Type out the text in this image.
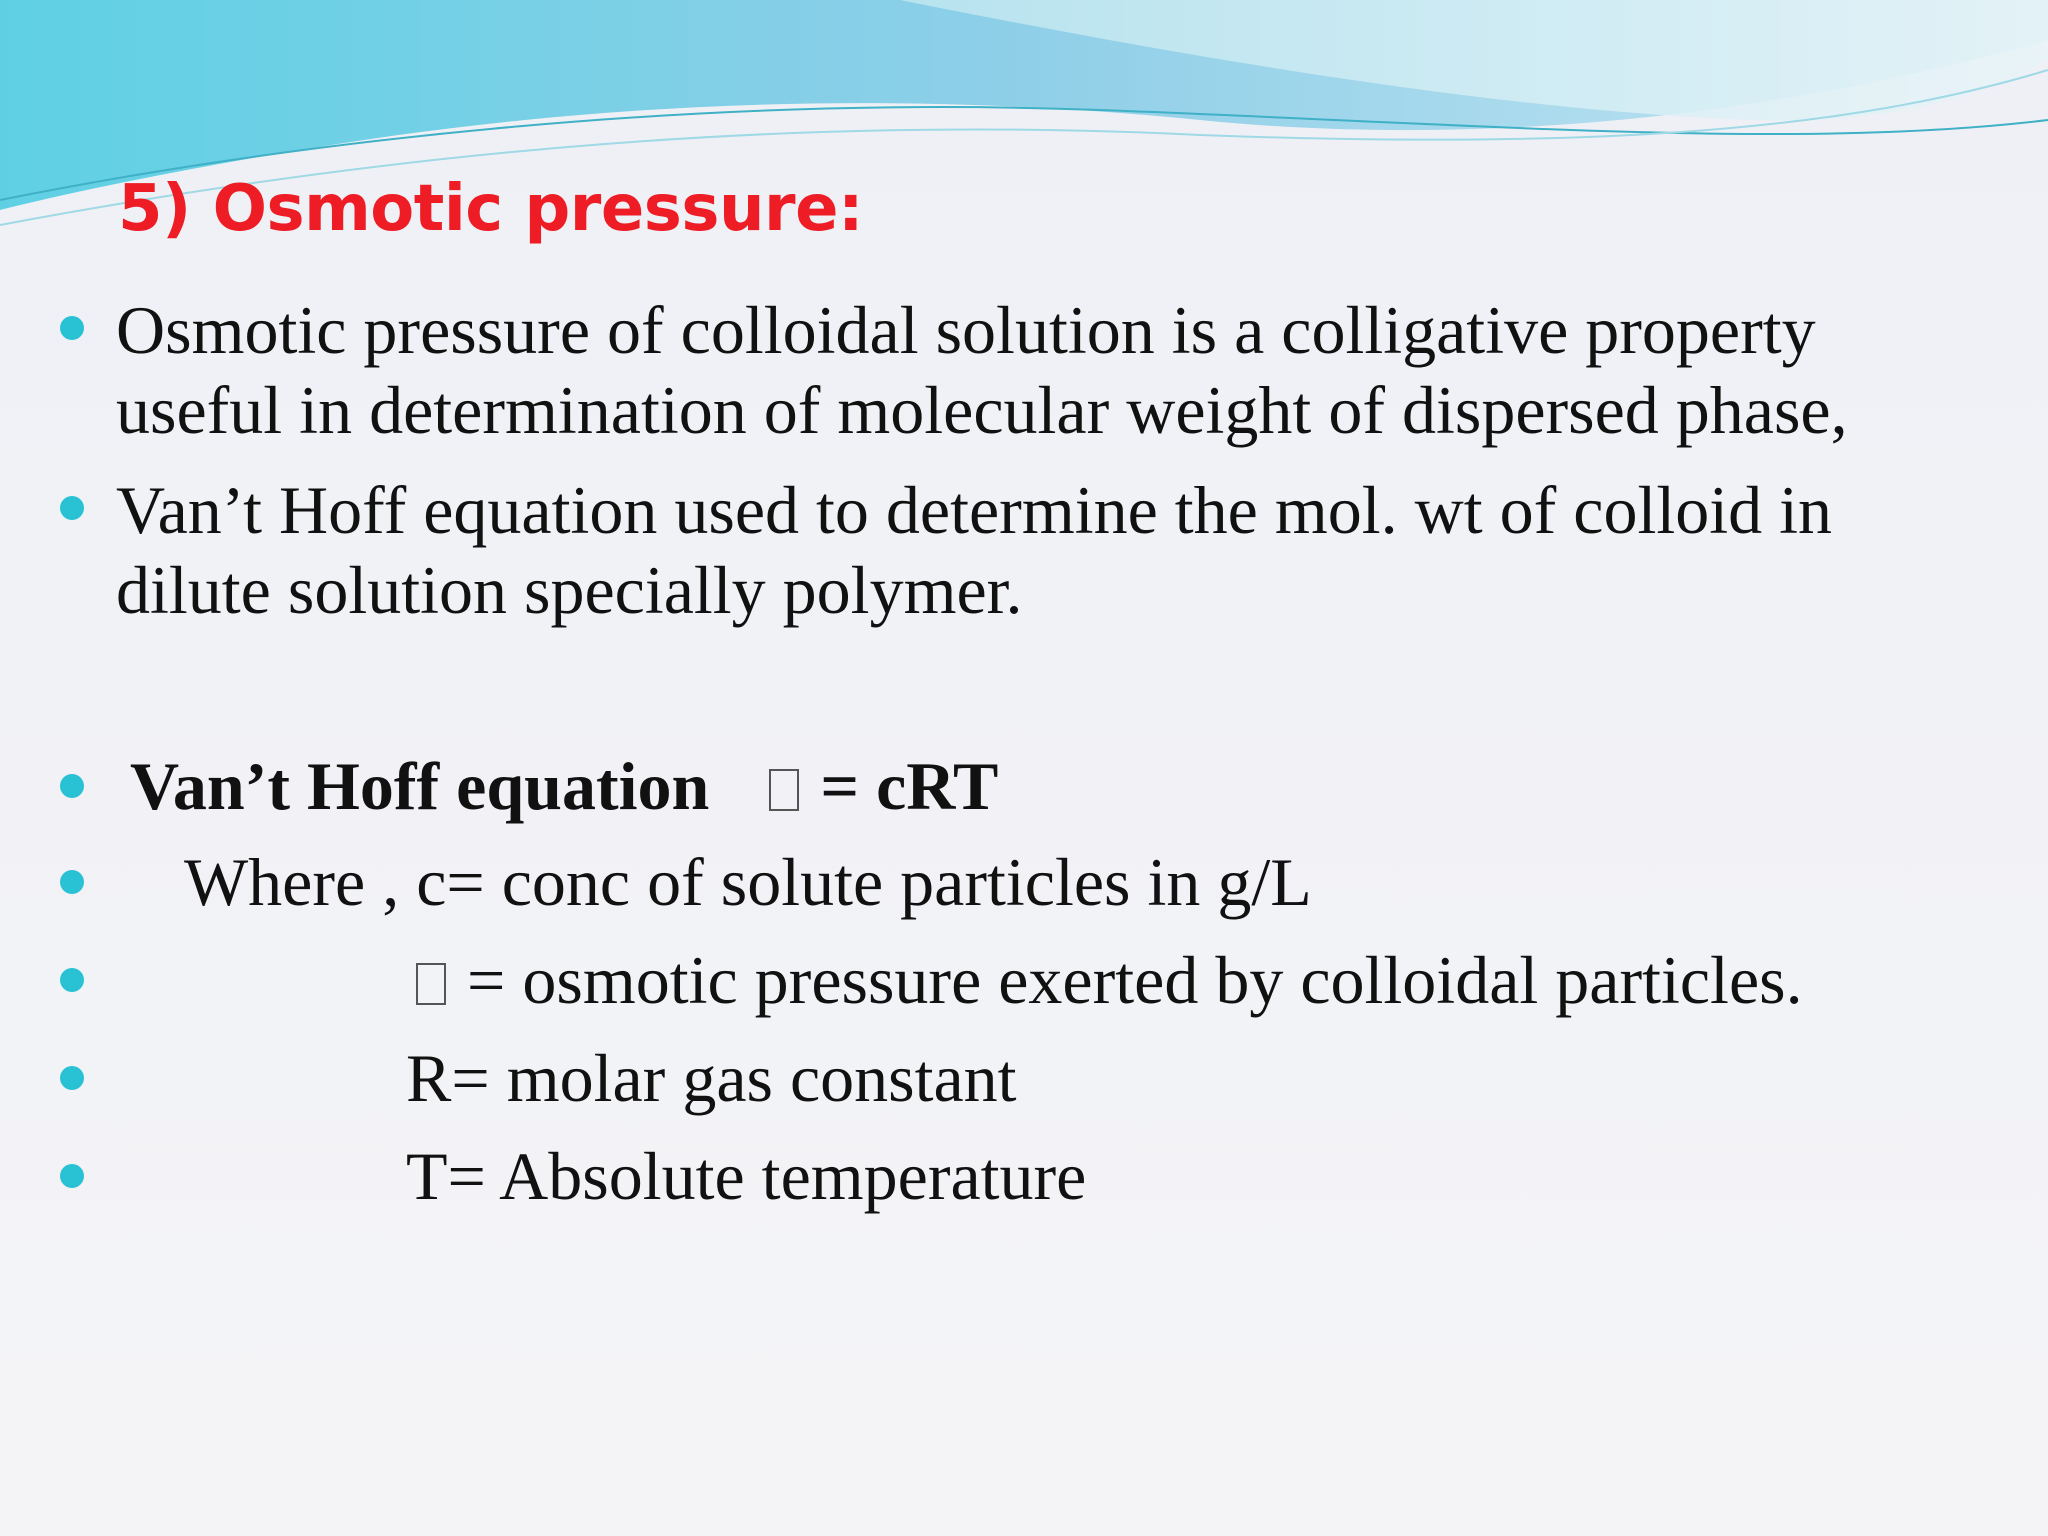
5) Osmotic pressure:
Osmotic pressure of colloidal solution is a colligative property
useful in determination of molecular weight of dispersed phase,
Van’t Hoff equation used to determine the mol. wt of colloid in
dilute solution specially polymer.
Van’t Hoff equation = cRT
Where , c= conc of solute particles in g/L
= osmotic pressure exerted by colloidal particles.
R= molar gas constant
T= Absolute temperature
